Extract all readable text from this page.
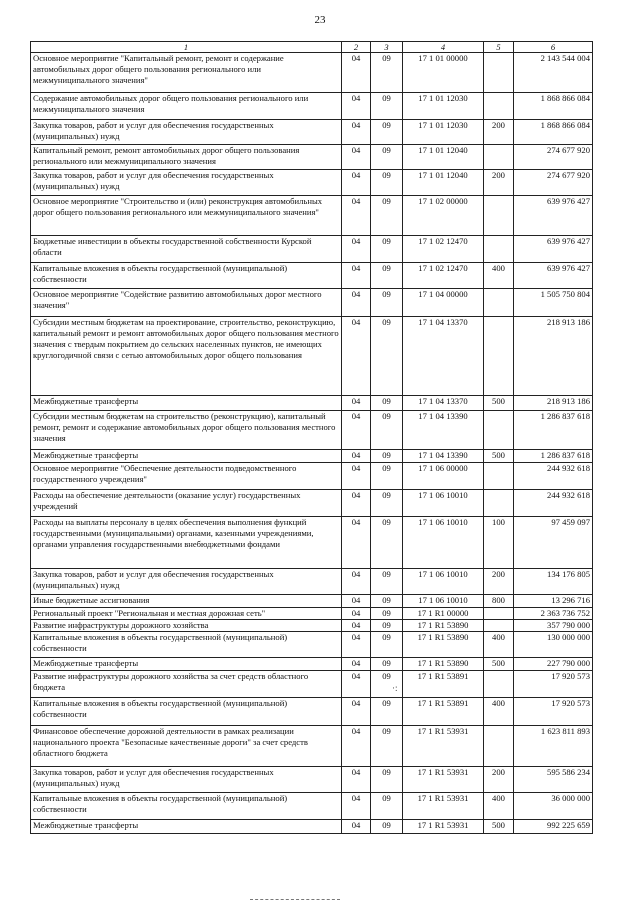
23
1	2	3	4	5	6
Основное мероприятие "Капитальный ремонт, ремонт и содержание автомобильных дорог общего пользования регионального или межмуниципального значения"	04	09	17 1 01 00000		2 143 544 004
Содержание автомобильных дорог общего пользования регионального или межмуниципального значения	04	09	17 1 01 12030		1 868 866 084
Закупка товаров, работ и услуг для обеспечения государственных (муниципальных) нужд	04	09	17 1 01 12030	200	1 868 866 084
Капитальный ремонт, ремонт автомобильных дорог общего пользования регионального или межмуниципального значения	04	09	17 1 01 12040		274 677 920
Закупка товаров, работ и услуг для обеспечения государственных (муниципальных) нужд	04	09	17 1 01 12040	200	274 677 920
Основное мероприятие "Строительство и (или) реконструкция автомобильных дорог общего пользования регионального или межмуниципального значения"	04	09	17 1 02 00000		639 976 427
Бюджетные инвестиции в объекты государственной собственности Курской области	04	09	17 1 02 12470		639 976 427
Капитальные вложения в объекты государственной (муниципальной) собственности	04	09	17 1 02 12470	400	639 976 427
Основное мероприятие "Содействие развитию автомобильных дорог местного значения"	04	09	17 1 04 00000		1 505 750 804
Субсидии местным бюджетам на проектирование, строительство, реконструкцию, капитальный ремонт и ремонт автомобильных дорог общего пользования местного значения с твердым покрытием до сельских населенных пунктов, не имеющих круглогодичной связи с сетью автомобильных дорог общего пользования	04	09	17 1 04 13370		218 913 186
Межбюджетные трансферты	04	09	17 1 04 13370	500	218 913 186
Субсидии местным бюджетам на строительство (реконструкцию), капитальный ремонт, ремонт и содержание автомобильных дорог общего пользования местного значения	04	09	17 1 04 13390		1 286 837 618
Межбюджетные трансферты	04	09	17 1 04 13390	500	1 286 837 618
Основное мероприятие "Обеспечение деятельности подведомственного государственного учреждения"	04	09	17 1 06 00000		244 932 618
Расходы на обеспечение деятельности (оказание услуг) государственных учреждений	04	09	17 1 06 10010		244 932 618
Расходы на выплаты персоналу в целях обеспечения выполнения функций государственными (муниципальными) органами, казенными учреждениями, органами управления государственными внебюджетными фондами	04	09	17 1 06 10010	100	97 459 097
Закупка товаров, работ и услуг для обеспечения государственных (муниципальных) нужд	04	09	17 1 06 10010	200	134 176 805
Иные бюджетные ассигнования	04	09	17 1 06 10010	800	13 296 716
Региональный проект "Региональная и местная дорожная сеть"	04	09	17 1 R1 00000		2 363 736 752
Развитие инфраструктуры дорожного хозяйства	04	09	17 1 R1 53890		357 790 000
Капитальные вложения в объекты государственной (муниципальной) собственности	04	09	17 1 R1 53890	400	130 000 000
Межбюджетные трансферты	04	09	17 1 R1 53890	500	227 790 000
Развитие инфраструктуры дорожного хозяйства за счет средств областного бюджета	04	09	17 1 R1 53891		17 920 573
Капитальные вложения в объекты государственной (муниципальной) собственности	04	09	17 1 R1 53891	400	17 920 573
Финансовое обеспечение дорожной деятельности в рамках реализации национального проекта "Безопасные качественные дороги" за счет средств областного бюджета	04	09	17 1 R1 53931		1 623 811 893
Закупка товаров, работ и услуг для обеспечения государственных (муниципальных) нужд	04	09	17 1 R1 53931	200	595 586 234
Капитальные вложения в объекты государственной (муниципальной) собственности	04	09	17 1 R1 53931	400	36 000 000
Межбюджетные трансферты	04	09	17 1 R1 53931	500	992 225 659
·:
